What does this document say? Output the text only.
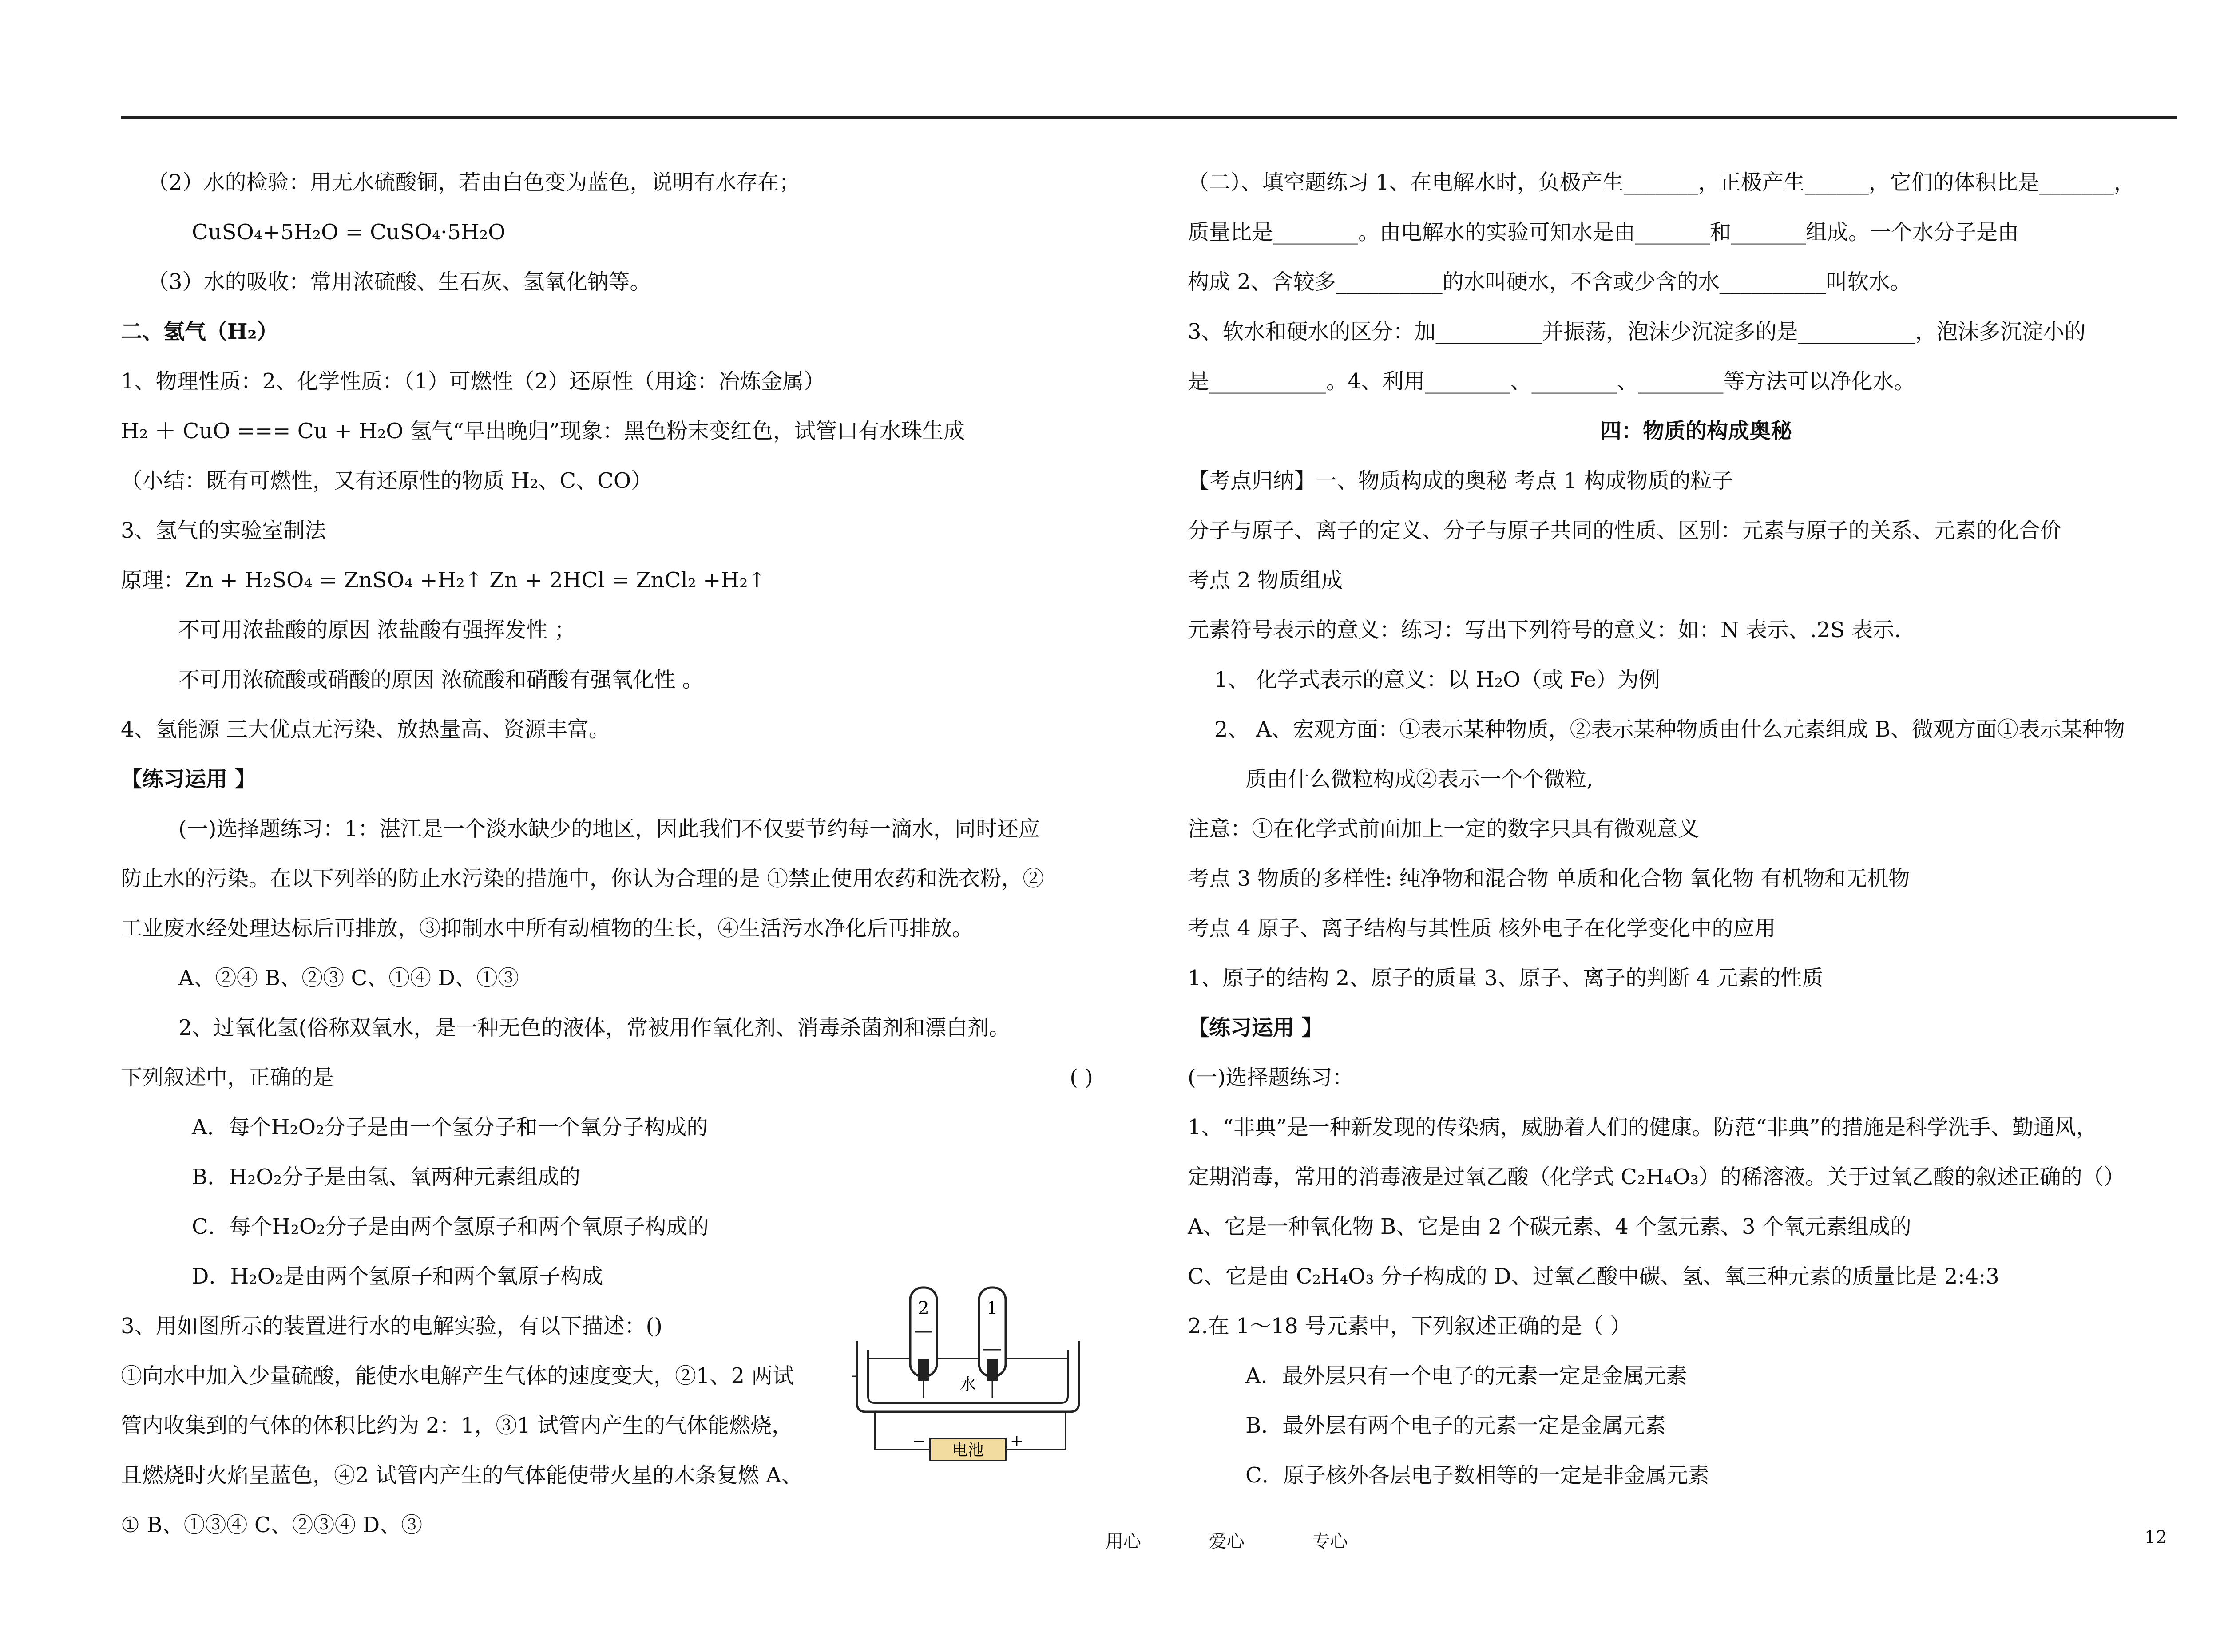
（2）水的检验：用无水硫酸铜，若由白色变为蓝色，说明有水存在；
CuSO₄+5H₂O = CuSO₄·5H₂O
（3）水的吸收：常用浓硫酸、生石灰、氢氧化钠等。
二、氢气（H₂）
1、物理性质：2、化学性质：（1）可燃性（2）还原性（用途：冶炼金属）
H₂ ＋ CuO === Cu + H₂O 氢气“早出晚归”现象：黑色粉末变红色，试管口有水珠生成
（小结：既有可燃性，又有还原性的物质 H₂、C、CO）
3、氢气的实验室制法
原理：Zn + H₂SO₄ = ZnSO₄ +H₂↑ Zn + 2HCl = ZnCl₂ +H₂↑
不可用浓盐酸的原因 浓盐酸有强挥发性 ；
不可用浓硫酸或硝酸的原因 浓硫酸和硝酸有强氧化性 。
4、氢能源 三大优点无污染、放热量高、资源丰富。
【练习运用 】
(一)选择题练习：1：湛江是一个淡水缺少的地区，因此我们不仅要节约每一滴水，同时还应
防止水的污染。在以下列举的防止水污染的措施中，你认为合理的是 ①禁止使用农药和洗衣粉，②
工业废水经处理达标后再排放，③抑制水中所有动植物的生长，④生活污水净化后再排放。
A、②④ B、②③ C、①④ D、①③
2、过氧化氢(俗称双氧水，是一种无色的液体，常被用作氧化剂、消毒杀菌剂和漂白剂。
下列叙述中，正确的是	( )
A．每个H₂O₂分子是由一个氢分子和一个氧分子构成的
B．H₂O₂分子是由氢、氧两种元素组成的
C．每个H₂O₂分子是由两个氢原子和两个氧原子构成的
D．H₂O₂是由两个氢原子和两个氧原子构成
3、用如图所示的装置进行水的电解实验，有以下描述：()
①向水中加入少量硫酸，能使水电解产生气体的速度变大，②1、2 两试
管内收集到的气体的体积比约为 2：1，③1 试管内产生的气体能燃烧，
且燃烧时火焰呈蓝色，④2 试管内产生的气体能使带火星的木条复燃 A、
① B、①③④ C、②③④ D、③
2	1
水
电池
−	+
（二）、填空题练习 1、在电解水时，负极产生_______，正极产生______，它们的体积比是_______，
质量比是________。由电解水的实验可知水是由_______和_______组成。一个水分子是由
构成 2、含较多__________的水叫硬水，不含或少含的水__________叫软水。
3、软水和硬水的区分：加__________并振荡，泡沫少沉淀多的是___________，泡沫多沉淀小的
是___________。4、利用________、________、________等方法可以净化水。
四：物质的构成奥秘
【考点归纳】一、物质构成的奥秘 考点 1 构成物质的粒子
分子与原子、离子的定义、分子与原子共同的性质、区别：元素与原子的关系、元素的化合价
考点 2 物质组成
元素符号表示的意义：练习：写出下列符号的意义：如：N 表示、.2S 表示.
1、 化学式表示的意义：以 H₂O（或 Fe）为例
2、 A、宏观方面：①表示某种物质，②表示某种物质由什么元素组成 B、微观方面①表示某种物
质由什么微粒构成②表示一个个微粒,
注意：①在化学式前面加上一定的数字只具有微观意义
考点 3 物质的多样性: 纯净物和混合物 单质和化合物 氧化物 有机物和无机物
考点 4 原子、离子结构与其性质 核外电子在化学变化中的应用
1、原子的结构 2、原子的质量 3、原子、离子的判断 4 元素的性质
【练习运用 】
(一)选择题练习：
1、“非典”是一种新发现的传染病，威胁着人们的健康。防范“非典”的措施是科学洗手、勤通风，
定期消毒，常用的消毒液是过氧乙酸（化学式 C₂H₄O₃）的稀溶液。关于过氧乙酸的叙述正确的（）
A、它是一种氧化物 B、它是由 2 个碳元素、4 个氢元素、3 个氧元素组成的
C、它是由 C₂H₄O₃ 分子构成的 D、过氧乙酸中碳、氢、氧三种元素的质量比是 2:4:3
2.在 1～18 号元素中，下列叙述正确的是（ ）
A．最外层只有一个电子的元素一定是金属元素
B．最外层有两个电子的元素一定是金属元素
C．原子核外各层电子数相等的一定是非金属元素
用心	爱心	专心	12
